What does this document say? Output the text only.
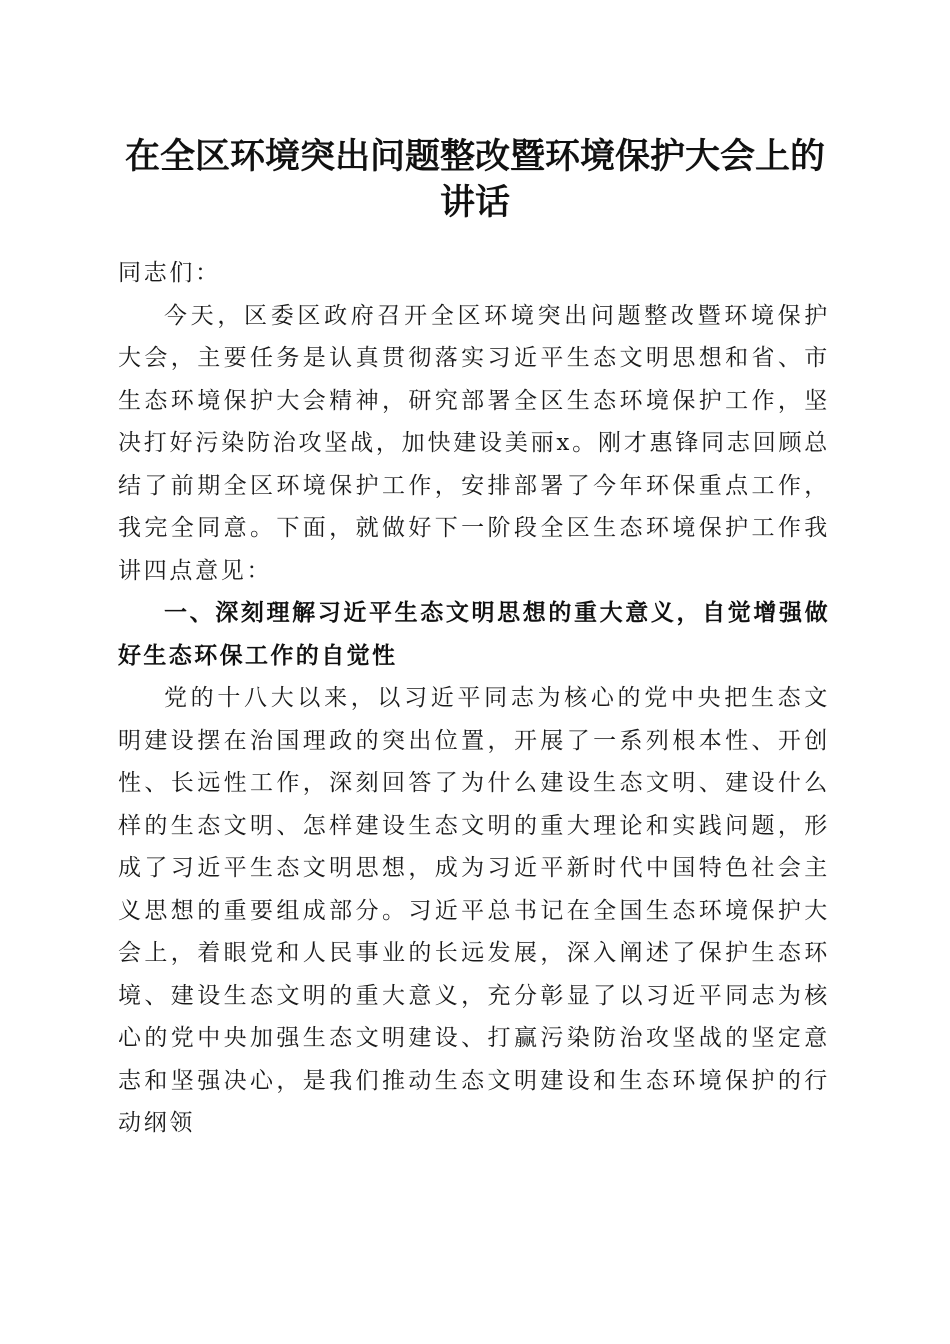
在全区环境突出问题整改暨环境保护大会上的讲话

同志们：

今天，区委区政府召开全区环境突出问题整改暨环境保护大会，主要任务是认真贯彻落实习近平生态文明思想和省、市生态环境保护大会精神，研究部署全区生态环境保护工作，坚决打好污染防治攻坚战，加快建设美丽x。刚才惠锋同志回顾总结了前期全区环境保护工作，安排部署了今年环保重点工作，我完全同意。下面，就做好下一阶段全区生态环境保护工作我讲四点意见：

一、深刻理解习近平生态文明思想的重大意义，自觉增强做好生态环保工作的自觉性

党的十八大以来，以习近平同志为核心的党中央把生态文明建设摆在治国理政的突出位置，开展了一系列根本性、开创性、长远性工作，深刻回答了为什么建设生态文明、建设什么样的生态文明、怎样建设生态文明的重大理论和实践问题，形成了习近平生态文明思想，成为习近平新时代中国特色社会主义思想的重要组成部分。习近平总书记在全国生态环境保护大会上，着眼党和人民事业的长远发展，深入阐述了保护生态环境、建设生态文明的重大意义，充分彰显了以习近平同志为核心的党中央加强生态文明建设、打赢污染防治攻坚战的坚定意志和坚强决心，是我们推动生态文明建设和生态环境保护的行动纲领
